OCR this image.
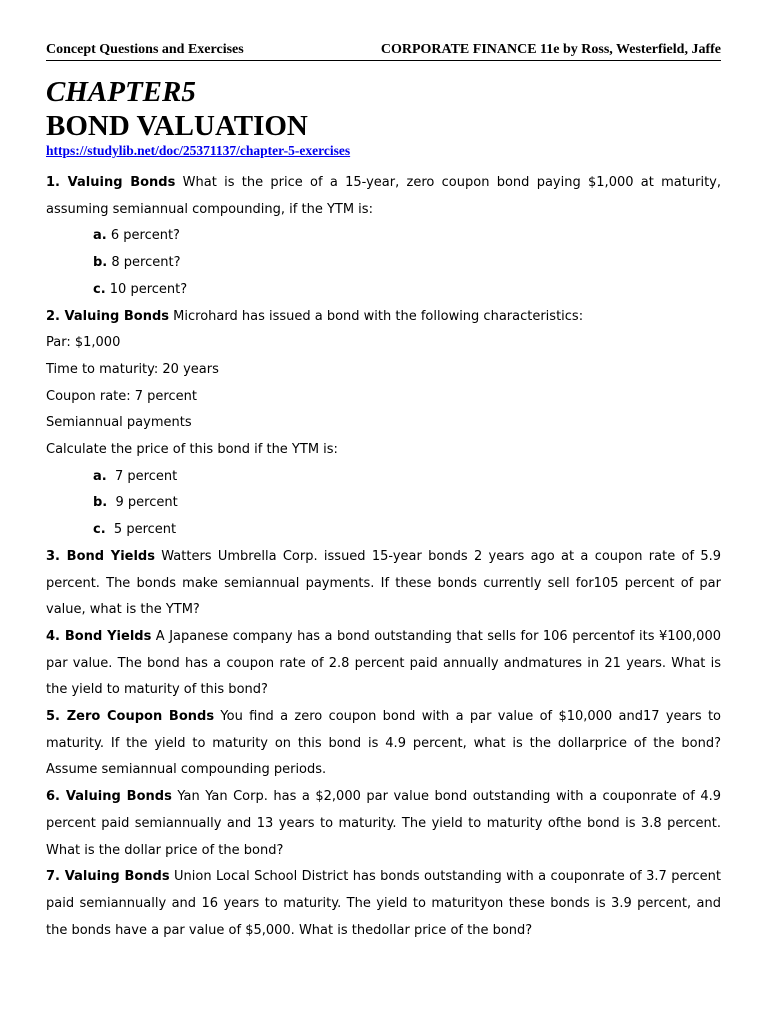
Concept Questions and Exercises	CORPORATE FINANCE 11e by Ross, Westerfield, Jaffe
CHAPTER5
BOND VALUATION
https://studylib.net/doc/25371137/chapter-5-exercises

1. Valuing Bonds What is the price of a 15-year, zero coupon bond paying $1,000 at maturity, assuming semiannual compounding, if the YTM is:

a. 6 percent?

b. 8 percent?

c. 10 percent?

2. Valuing Bonds Microhard has issued a bond with the following characteristics:

Par: $1,000

Time to maturity: 20 years

Coupon rate: 7 percent

Semiannual payments

Calculate the price of this bond if the YTM is:

a.  7 percent

b.  9 percent

c.  5 percent

3. Bond Yields Watters Umbrella Corp. issued 15-year bonds 2 years ago at a coupon rate of 5.9 percent. The bonds make semiannual payments. If these bonds currently sell for105 percent of par value, what is the YTM?

4. Bond Yields A Japanese company has a bond outstanding that sells for 106 percentof its ¥100,000 par value. The bond has a coupon rate of 2.8 percent paid annually andmatures in 21 years. What is the yield to maturity of this bond?

5. Zero Coupon Bonds You find a zero coupon bond with a par value of $10,000 and17 years to maturity. If the yield to maturity on this bond is 4.9 percent, what is the dollarprice of the bond?Assume semiannual compounding periods.

6. Valuing Bonds Yan Yan Corp. has a $2,000 par value bond outstanding with a couponrate of 4.9 percent paid semiannually and 13 years to maturity. The yield to maturity ofthe bond is 3.8 percent. What is the dollar price of the bond?

7. Valuing Bonds Union Local School District has bonds outstanding with a couponrate of 3.7 percent paid semiannually and 16 years to maturity. The yield to maturityon these bonds is 3.9 percent, and the bonds have a par value of $5,000. What is thedollar price of the bond?
